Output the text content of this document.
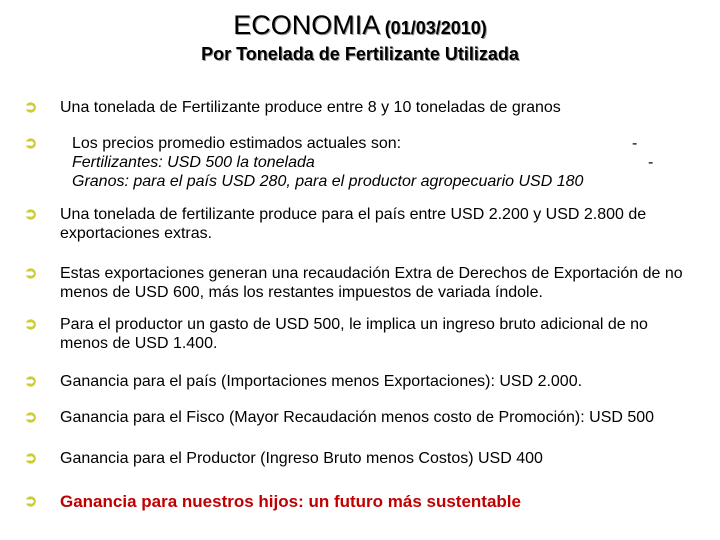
ECONOMIA (01/03/2010)
Por Tonelada de Fertilizante Utilizada
➲ Una tonelada de Fertilizante produce entre 8 y 10 toneladas de granos
➲ Los precios promedio estimados actuales son:
Fertilizantes: USD 500 la tonelada
Granos: para el país USD 280, para el productor agropecuario USD 180
-
-
➲ Una tonelada de fertilizante produce para el país entre USD 2.200 y USD 2.800 de exportaciones extras.
➲ Estas exportaciones generan una recaudación Extra de Derechos de Exportación de no menos de USD 600, más los restantes impuestos de variada índole.
➲ Para el productor un gasto de USD 500, le implica un ingreso bruto adicional de no menos de USD 1.400.
➲ Ganancia para el país (Importaciones menos Exportaciones): USD 2.000.
➲ Ganancia para el Fisco (Mayor Recaudación menos costo de Promoción): USD 500
➲ Ganancia para el Productor (Ingreso Bruto menos Costos) USD 400
➲ Ganancia para nuestros hijos: un futuro más sustentable
